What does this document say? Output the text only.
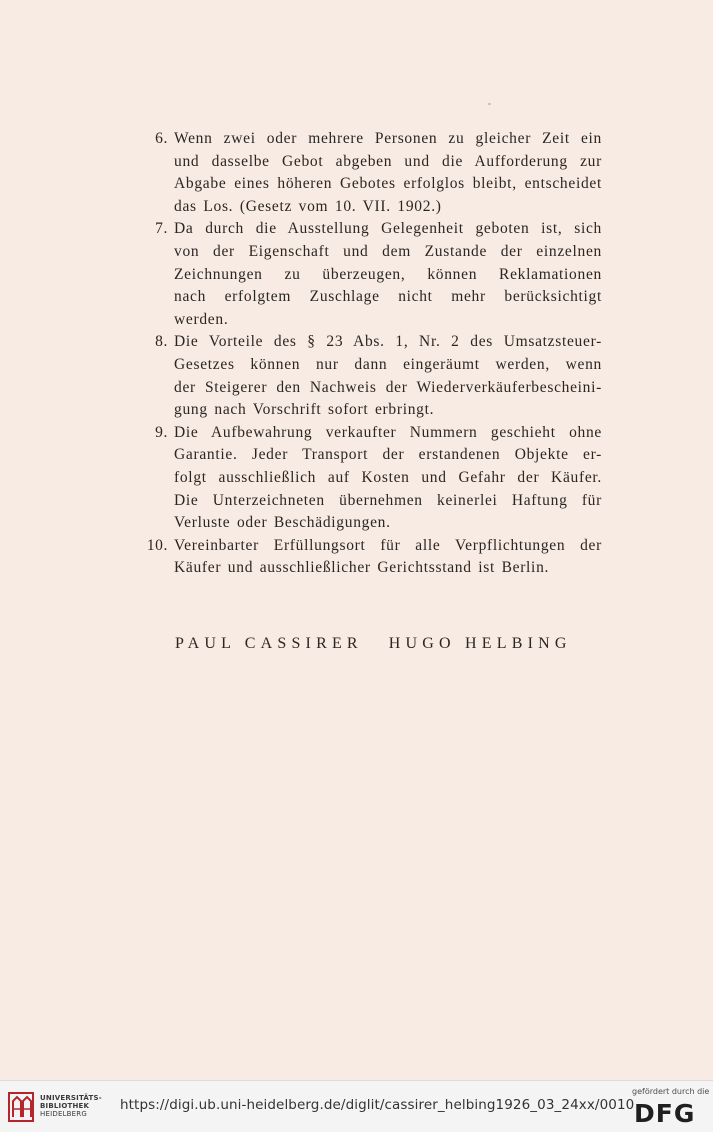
6. Wenn zwei oder mehrere Personen zu gleicher Zeit ein
und dasselbe Gebot abgeben und die Aufforderung zur
Abgabe eines höheren Gebotes erfolglos bleibt, entscheidet
das Los. (Gesetz vom 10. VII. 1902.)
7. Da durch die Ausstellung Gelegenheit geboten ist, sich
von der Eigenschaft und dem Zustande der einzelnen
Zeichnungen zu überzeugen, können Reklamationen
nach erfolgtem Zuschlage nicht mehr berücksichtigt
werden.
8. Die Vorteile des § 23 Abs. 1, Nr. 2 des Umsatzsteuer-
Gesetzes können nur dann eingeräumt werden, wenn
der Steigerer den Nachweis der Wiederverkäuferbescheini-
gung nach Vorschrift sofort erbringt.
9. Die Aufbewahrung verkaufter Nummern geschieht ohne
Garantie. Jeder Transport der erstandenen Objekte er-
folgt ausschließlich auf Kosten und Gefahr der Käufer.
Die Unterzeichneten übernehmen keinerlei Haftung für
Verluste oder Beschädigungen.
10. Vereinbarter Erfüllungsort für alle Verpflichtungen der
Käufer und ausschließlicher Gerichtsstand ist Berlin.
PAUL CASSIRER HUGO HELBING
UNIVERSITÄTS-
BIBLIOTHEK
HEIDELBERG
https://digi.ub.uni-heidelberg.de/diglit/cassirer_helbing1926_03_24xx/0010
gefördert durch die
DFG
